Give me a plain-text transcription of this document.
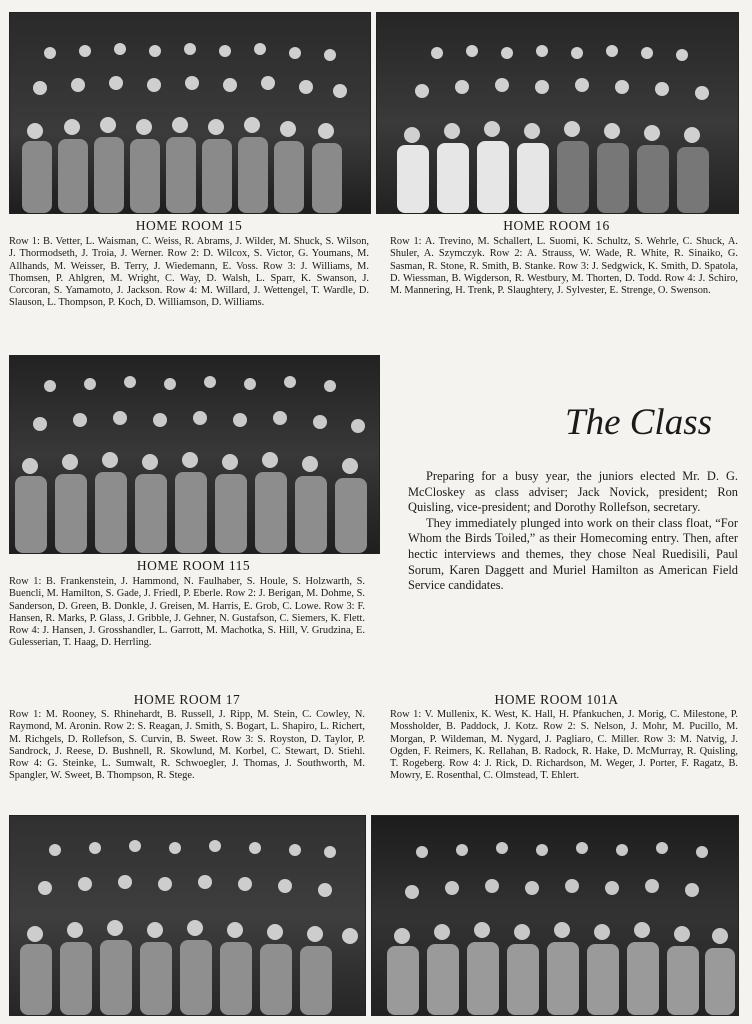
HOME ROOM 15
Row 1: B. Vetter, L. Waisman, C. Weiss, R. Abrams, J. Wilder, M. Shuck, S. Wilson, J. Thormodseth, J. Troia, J. Werner. Row 2: D. Wilcox, S. Victor, G. Youmans, M. Allhands, M. Weisser, B. Terry, J. Wiedemann, E. Voss. Row 3: J. Williams, M. Thomsen, P. Ahlgren, M. Wright, C. Way, D. Walsh, L. Sparr, K. Swanson, J. Corcoran, S. Yamamoto, J. Jackson. Row 4: M. Willard, J. Wettengel, T. Wardle, D. Slauson, L. Thompson, P. Koch, D. Williamson, D. Williams.
HOME ROOM 16
Row 1: A. Trevino, M. Schallert, L. Suomi, K. Schultz, S. Wehrle, C. Shuck, A. Shuler, A. Szymczyk. Row 2: A. Strauss, W. Wade, R. White, R. Sinaiko, G. Sasman, R. Stone, R. Smith, B. Stanke. Row 3: J. Sedgwick, K. Smith, D. Spatola, D. Wiessman, B. Wigderson, R. Westbury, M. Thorten, D. Todd. Row 4: J. Schiro, M. Mannering, H. Trenk, P. Slaughtery, J. Sylvester, E. Strenge, O. Swenson.
The Class

Preparing for a busy year, the juniors elected Mr. D. G. McCloskey as class adviser; Jack Novick, president; Ron Quisling, vice-president; and Dorothy Rollefson, secretary.

They immediately plunged into work on their class float, “For Whom the Birds Toiled,” as their Homecoming entry. Then, after hectic interviews and themes, they chose Neal Ruedisili, Paul Sorum, Karen Daggett and Muriel Hamilton as American Field Service candidates.

HOME ROOM 115
Row 1: B. Frankenstein, J. Hammond, N. Faulhaber, S. Houle, S. Holzwarth, S. Buencli, M. Hamilton, S. Gade, J. Friedl, P. Eberle. Row 2: J. Berigan, M. Dohme, S. Sanderson, D. Green, B. Donkle, J. Greisen, M. Harris, E. Grob, C. Lowe. Row 3: F. Hansen, R. Marks, P. Glass, J. Gribble, J. Gehner, N. Gustafson, C. Siemers, K. Flett. Row 4: J. Hansen, J. Grosshandler, L. Garrott, M. Machotka, S. Hill, V. Grudzina, E. Gulesserian, T. Haag, D. Herrling.
HOME ROOM 17
Row 1: M. Rooney, S. Rhinehardt, B. Russell, J. Ripp, M. Stein, C. Cowley, N. Raymond, M. Aronin. Row 2: S. Reagan, J. Smith, S. Bogart, L. Shapiro, L. Richert, M. Richgels, D. Rollefson, S. Curvin, B. Sweet. Row 3: S. Royston, D. Taylor, P. Sandrock, J. Reese, D. Bushnell, R. Skowlund, M. Korbel, C. Stewart, D. Stiehl. Row 4: G. Steinke, L. Sumwalt, R. Schwoegler, J. Thomas, J. Southworth, M. Spangler, W. Sweet, B. Thompson, R. Stege.
HOME ROOM 101A
Row 1: V. Mullenix, K. West, K. Hall, H. Pfankuchen, J. Morig, C. Milestone, P. Mossholder, B. Paddock, J. Kotz. Row 2: S. Nelson, J. Mohr, M. Pucillo, M. Morgan, P. Wildeman, M. Nygard, J. Pagliaro, C. Miller. Row 3: M. Natvig, J. Ogden, F. Reimers, K. Rellahan, B. Radock, R. Hake, D. McMurray, R. Quisling, T. Rogeberg. Row 4: J. Rick, D. Richardson, M. Weger, J. Porter, F. Ragatz, B. Mowry, E. Rosenthal, C. Olmstead, T. Ehlert.
